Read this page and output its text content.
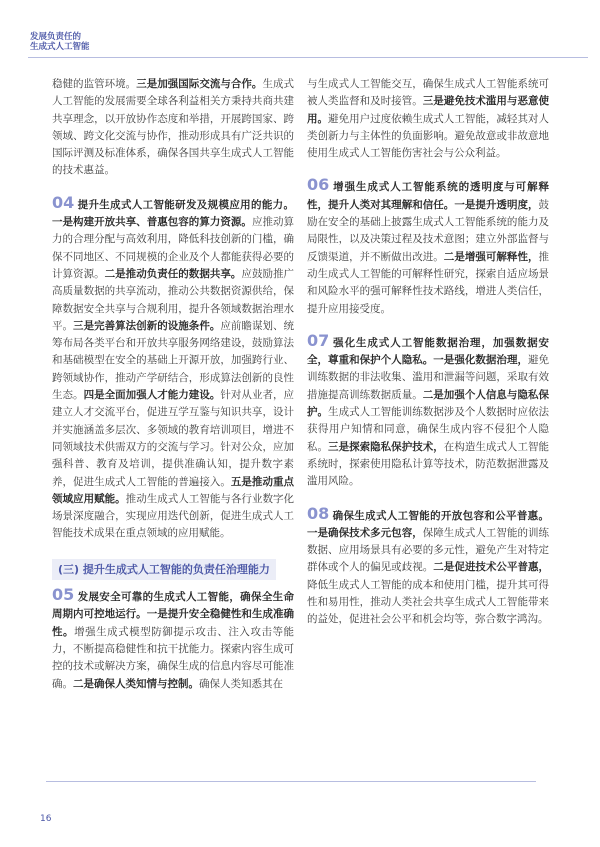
发展负责任的
生成式人工智能

稳健的监管环境。三是加强国际交流与合作。生成式人工智能的发展需要全球各利益相关方秉持共商共建共享理念，以开放协作态度和举措，开展跨国家、跨领域、跨文化交流与协作，推动形成具有广泛共识的国际评测及标准体系，确保各国共享生成式人工智能的技术惠益。

04 提升生成式人工智能研发及规模应用的能力。一是构建开放共享、普惠包容的算力资源。应推动算力的合理分配与高效利用，降低科技创新的门槛，确保不同地区、不同规模的企业及个人都能获得必要的计算资源。二是推动负责任的数据共享。应鼓励推广高质量数据的共享流动，推动公共数据资源供给，保障数据安全共享与合规利用，提升各领域数据治理水平。三是完善算法创新的设施条件。应前瞻谋划、统筹布局各类平台和开放共享服务网络建设，鼓励算法和基础模型在安全的基础上开源开放，加强跨行业、跨领域协作，推动产学研结合，形成算法创新的良性生态。四是全面加强人才能力建设。针对从业者，应建立人才交流平台，促进互学互鉴与知识共享，设计并实施涵盖多层次、多领域的教育培训项目，增进不同领域技术供需双方的交流与学习。针对公众，应加强科普、教育及培训，提供准确认知，提升数字素养，促进生成式人工智能的普遍接入。五是推动重点领域应用赋能。推动生成式人工智能与各行业数字化场景深度融合，实现应用迭代创新，促进生成式人工智能技术成果在重点领域的应用赋能。

(三) 提升生成式人工智能的负责任治理能力

05 发展安全可靠的生成式人工智能，确保全生命周期内可控地运行。一是提升安全稳健性和生成准确性。增强生成式模型防御提示攻击、注入攻击等能力，不断提高稳健性和抗干扰能力。探索内容生成可控的技术或解决方案，确保生成的信息内容尽可能准确。二是确保人类知情与控制。确保人类知悉其在

与生成式人工智能交互，确保生成式人工智能系统可被人类监督和及时接管。三是避免技术滥用与恶意使用。避免用户过度依赖生成式人工智能，减轻其对人类创新力与主体性的负面影响。避免故意或非故意地使用生成式人工智能伤害社会与公众利益。

06 增强生成式人工智能系统的透明度与可解释性，提升人类对其理解和信任。一是提升透明度，鼓励在安全的基础上披露生成式人工智能系统的能力及局限性，以及决策过程及技术意图；建立外部监督与反馈渠道，并不断做出改进。二是增强可解释性，推动生成式人工智能的可解释性研究，探索自适应场景和风险水平的强可解释性技术路线，增进人类信任，提升应用接受度。

07 强化生成式人工智能数据治理，加强数据安全，尊重和保护个人隐私。一是强化数据治理，避免训练数据的非法收集、滥用和泄漏等问题，采取有效措施提高训练数据质量。二是加强个人信息与隐私保护。生成式人工智能训练数据涉及个人数据时应依法获得用户知情和同意，确保生成内容不侵犯个人隐私。三是探索隐私保护技术，在构造生成式人工智能系统时，探索使用隐私计算等技术，防范数据泄露及滥用风险。

08 确保生成式人工智能的开放包容和公平普惠。一是确保技术多元包容，保障生成式人工智能的训练数据、应用场景具有必要的多元性，避免产生对特定群体或个人的偏见或歧视。二是促进技术公平普惠，降低生成式人工智能的成本和使用门槛，提升其可得性和易用性，推动人类社会共享生成式人工智能带来的益处，促进社会公平和机会均等，弥合数字鸿沟。

16
